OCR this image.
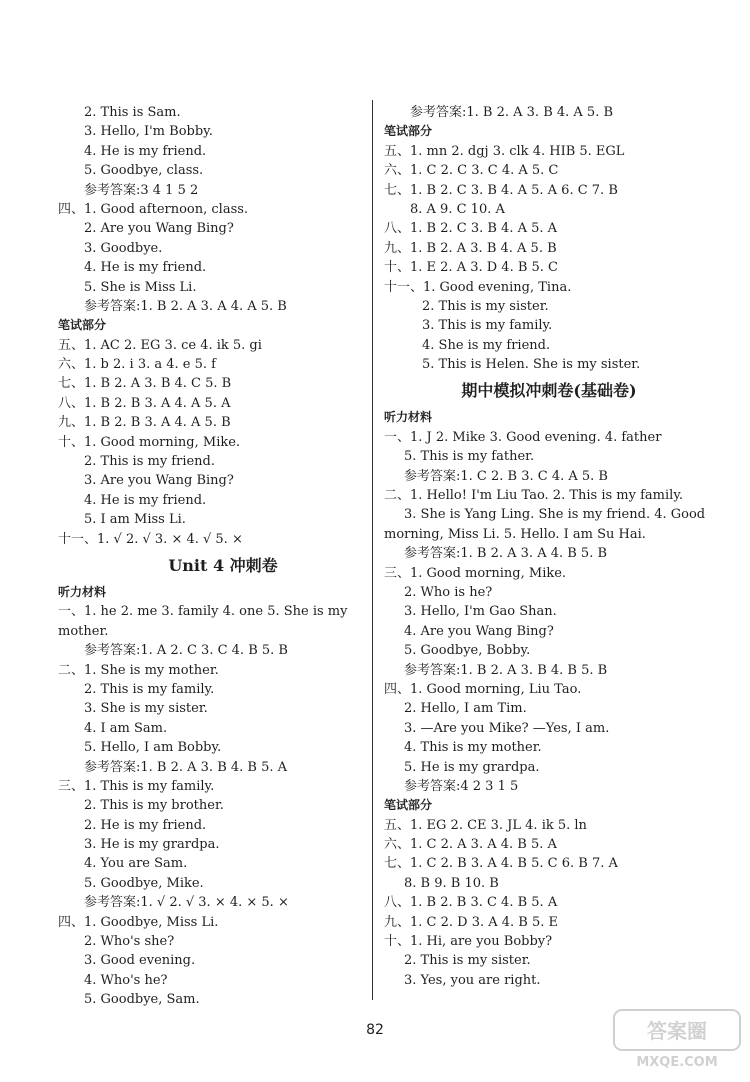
2. This is Sam.
3. Hello, I'm Bobby.
4. He is my friend.
5. Goodbye, class.
参考答案:3 4 1 5 2
四、1. Good afternoon, class.
2. Are you Wang Bing?
3. Goodbye.
4. He is my friend.
5. She is Miss Li.
参考答案:1. B 2. A 3. A 4. A 5. B
笔试部分
五、1. AC 2. EG 3. ce 4. ik 5. gi
六、1. b 2. i 3. a 4. e 5. f
七、1. B 2. A 3. B 4. C 5. B
八、1. B 2. B 3. A 4. A 5. A
九、1. B 2. B 3. A 4. A 5. B
十、1. Good morning, Mike.
2. This is my friend.
3. Are you Wang Bing?
4. He is my friend.
5. I am Miss Li.
十一、1. √ 2. √ 3. × 4. √ 5. ×
Unit 4 冲刺卷
听力材料
一、1. he 2. me 3. family 4. one 5. She is my
mother.
参考答案:1. A 2. C 3. C 4. B 5. B
二、1. She is my mother.
2. This is my family.
3. She is my sister.
4. I am Sam.
5. Hello, I am Bobby.
参考答案:1. B 2. A 3. B 4. B 5. A
三、1. This is my family.
2. This is my brother.
2. He is my friend.
3. He is my grardpa.
4. You are Sam.
5. Goodbye, Mike.
参考答案:1. √ 2. √ 3. × 4. × 5. ×
四、1. Goodbye, Miss Li.
2. Who's she?
3. Good evening.
4. Who's he?
5. Goodbye, Sam.
参考答案:1. B 2. A 3. B 4. A 5. B
笔试部分
五、1. mn 2. dgj 3. clk 4. HIB 5. EGL
六、1. C 2. C 3. C 4. A 5. C
七、1. B 2. C 3. B 4. A 5. A 6. C 7. B
8. A 9. C 10. A
八、1. B 2. C 3. B 4. A 5. A
九、1. B 2. A 3. B 4. A 5. B
十、1. E 2. A 3. D 4. B 5. C
十一、1. Good evening, Tina.
2. This is my sister.
3. This is my family.
4. She is my friend.
5. This is Helen. She is my sister.
期中模拟冲刺卷(基础卷)
听力材料
一、1. J 2. Mike 3. Good evening. 4. father
5. This is my father.
参考答案:1. C 2. B 3. C 4. A 5. B
二、1. Hello! I'm Liu Tao. 2. This is my family.
3. She is Yang Ling. She is my friend. 4. Good
morning, Miss Li. 5. Hello. I am Su Hai.
参考答案:1. B 2. A 3. A 4. B 5. B
三、1. Good morning, Mike.
2. Who is he?
3. Hello, I'm Gao Shan.
4. Are you Wang Bing?
5. Goodbye, Bobby.
参考答案:1. B 2. A 3. B 4. B 5. B
四、1. Good morning, Liu Tao.
2. Hello, I am Tim.
3. —Are you Mike? —Yes, I am.
4. This is my mother.
5. He is my grardpa.
参考答案:4 2 3 1 5
笔试部分
五、1. EG 2. CE 3. JL 4. ik 5. ln
六、1. C 2. A 3. A 4. B 5. A
七、1. C 2. B 3. A 4. B 5. C 6. B 7. A
8. B 9. B 10. B
八、1. B 2. B 3. C 4. B 5. A
九、1. C 2. D 3. A 4. B 5. E
十、1. Hi, are you Bobby?
2. This is my sister.
3. Yes, you are right.
82	答案圈
MXQE.COM
